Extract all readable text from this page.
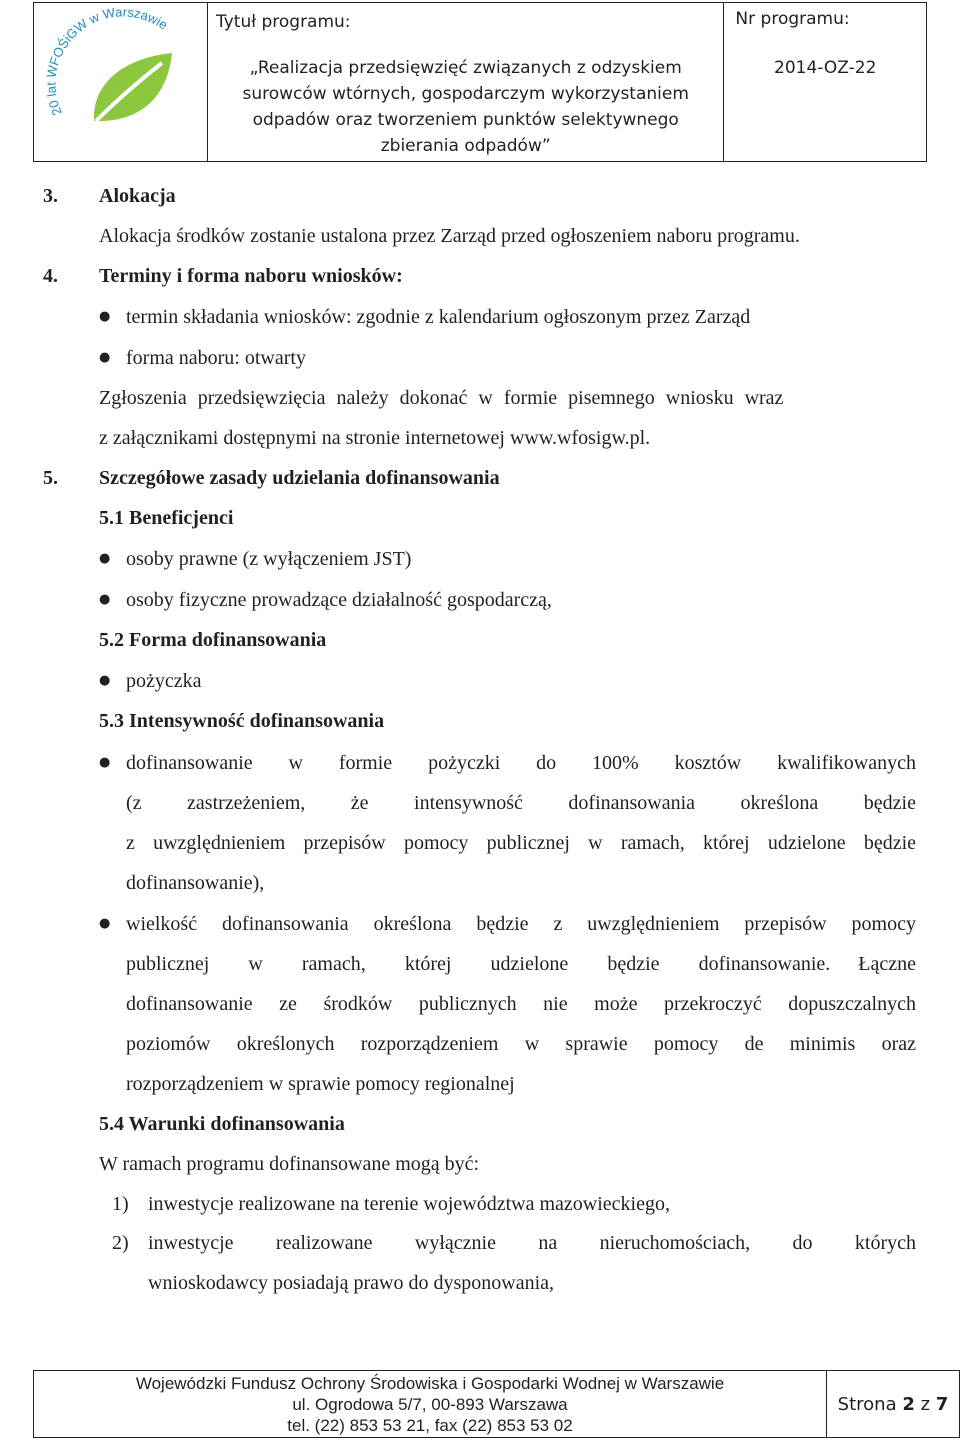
20 lat WFOŚiGW w Warszawie	Tytuł programu:
„Realizacja przedsięwzięć związanych z odzyskiem
surowców wtórnych, gospodarczym wykorzystaniem
odpadów oraz tworzeniem punktów selektywnego
zbierania odpadów”

Nr programu:
2014-OZ-22
3. Alokacja
Alokacja środków zostanie ustalona przez Zarząd przed ogłoszeniem naboru programu.
4. Terminy i forma naboru wniosków:
● termin składania wniosków: zgodnie z kalendarium ogłoszonym przez Zarząd
● forma naboru: otwarty
Zgłoszenia przedsięwzięcia należy dokonać w formie pisemnego wniosku wraz
z załącznikami dostępnymi na stronie internetowej www.wfosigw.pl.
5. Szczegółowe zasady udzielania dofinansowania
5.1 Beneficjenci
● osoby prawne (z wyłączeniem JST)
● osoby fizyczne prowadzące działalność gospodarczą,
5.2 Forma dofinansowania
● pożyczka
5.3 Intensywność dofinansowania
● dofinansowanie w formie pożyczki do 100% kosztów kwalifikowanych
(z zastrzeżeniem, że intensywność dofinansowania określona będzie
z uwzględnieniem przepisów pomocy publicznej w ramach, której udzielone będzie
dofinansowanie),
● wielkość dofinansowania określona będzie z uwzględnieniem przepisów pomocy
publicznej w ramach, której udzielone będzie dofinansowanie. Łączne
dofinansowanie ze środków publicznych nie może przekroczyć dopuszczalnych
poziomów określonych rozporządzeniem w sprawie pomocy de minimis oraz
rozporządzeniem w sprawie pomocy regionalnej
5.4 Warunki dofinansowania
W ramach programu dofinansowane mogą być:
1) inwestycje realizowane na terenie województwa mazowieckiego,
2) inwestycje realizowane wyłącznie na nieruchomościach, do których
wnioskodawcy posiadają prawo do dysponowania,
Wojewódzki Fundusz Ochrony Środowiska i Gospodarki Wodnej w Warszawie
ul. Ogrodowa 5/7, 00-893 Warszawa
tel. (22) 853 53 21, fax (22) 853 53 02
	Strona 2 z 7
